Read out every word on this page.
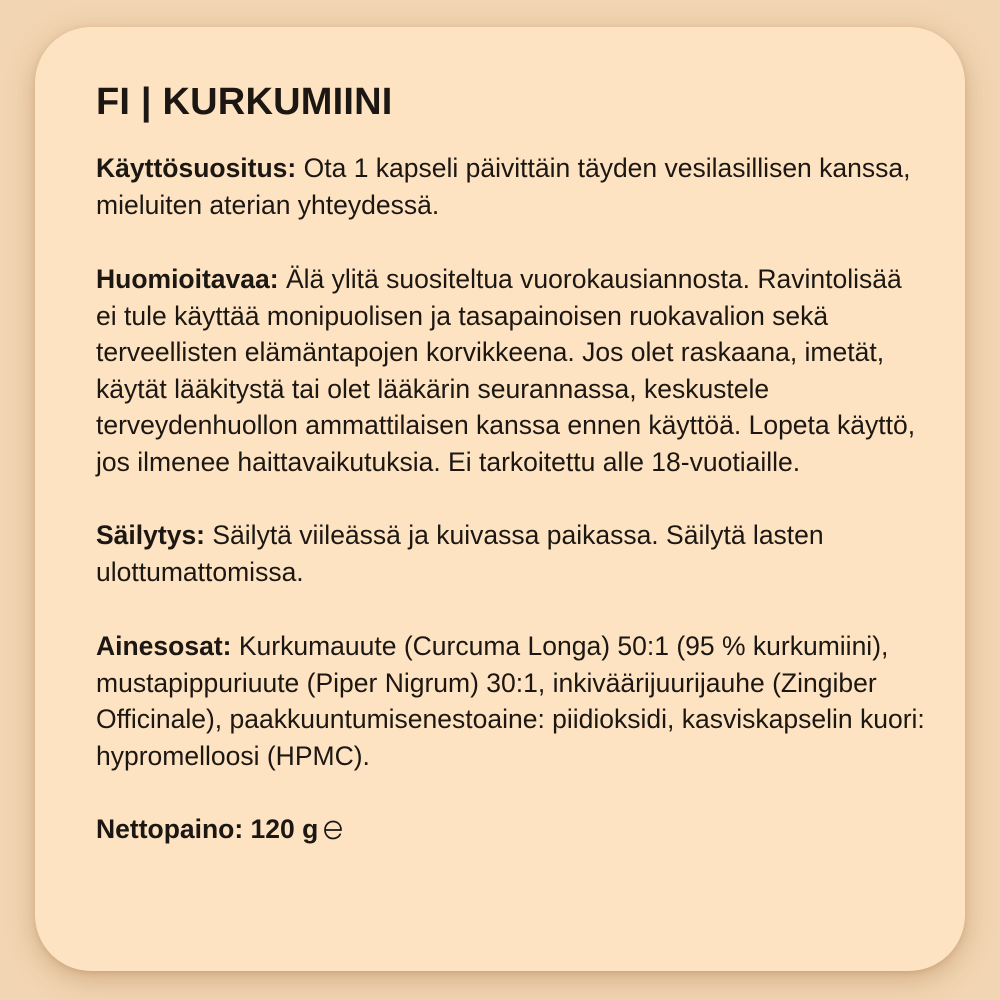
FI | KURKUMIINI

Käyttösuositus: Ota 1 kapseli päivittäin täyden vesilasillisen kanssa, mieluiten aterian yhteydessä.

Huomioitavaa: Älä ylitä suositeltua vuorokausiannosta. Ravintolisää ei tule käyttää monipuolisen ja tasapainoisen ruokavalion sekä terveellisten elämäntapojen korvikkeena. Jos olet raskaana, imetät, käytät lääkitystä tai olet lääkärin seurannassa, keskustele terveydenhuollon ammattilaisen kanssa ennen käyttöä. Lopeta käyttö, jos ilmenee haittavaikutuksia. Ei tarkoitettu alle 18-vuotiaille.

Säilytys: Säilytä viileässä ja kuivassa paikassa. Säilytä lasten ulottumattomissa.

Ainesosat: Kurkumauute (Curcuma Longa) 50:1 (95 % kurkumiini), mustapippuriuute (Piper Nigrum) 30:1, inkiväärijuurijauhe (Zingiber Officinale), paakkuuntumisenestoaine: piidioksidi, kasviskapselin kuori: hypromelloosi (HPMC).

Nettopaino: 120 g
